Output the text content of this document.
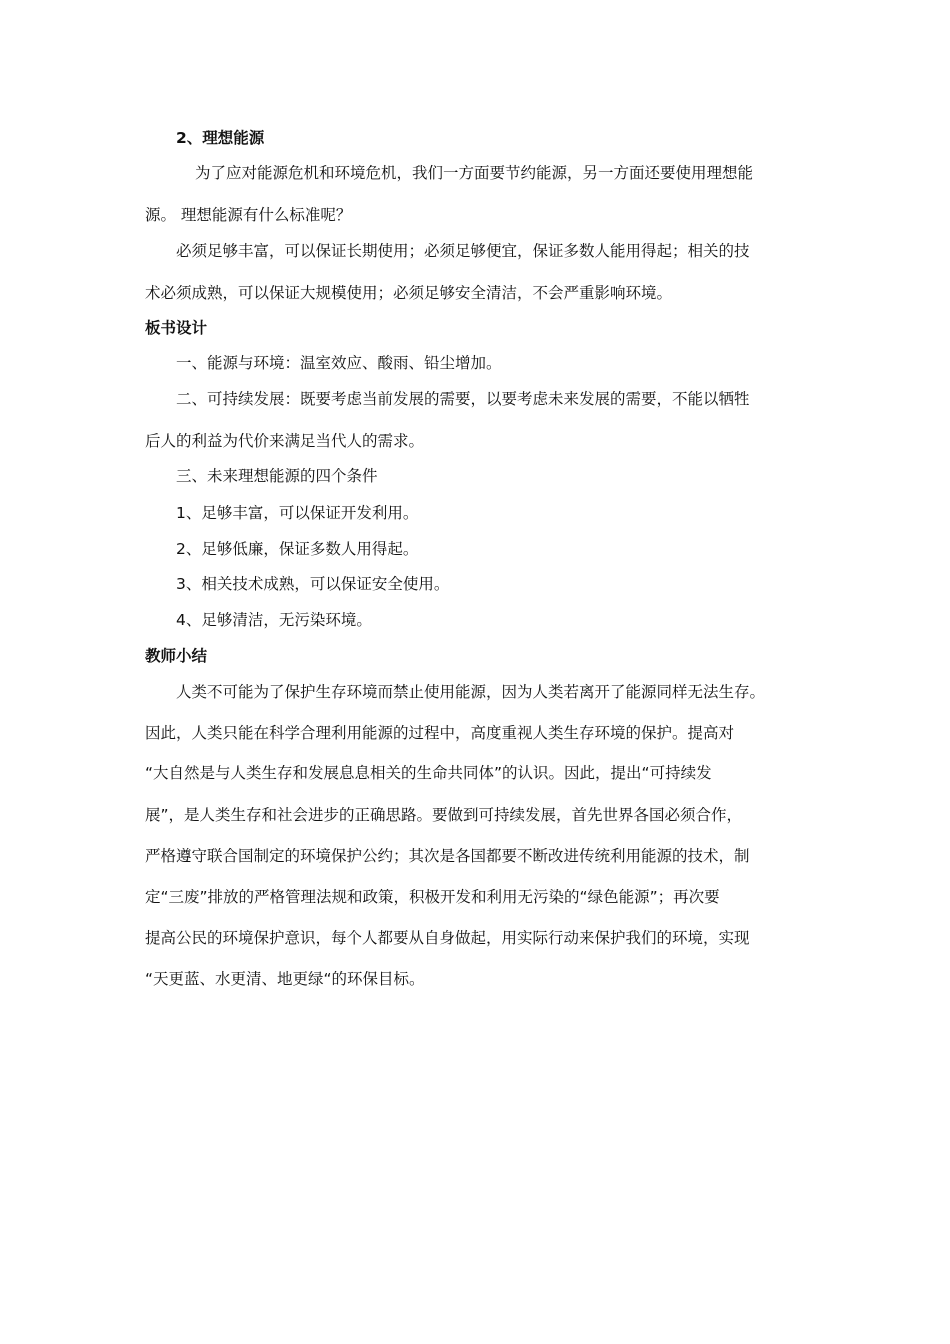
2、理想能源
为了应对能源危机和环境危机，我们一方面要节约能源，另一方面还要使用理想能
源。 理想能源有什么标准呢？
必须足够丰富，可以保证长期使用；必须足够便宜，保证多数人能用得起；相关的技
术必须成熟，可以保证大规模使用；必须足够安全清洁，不会严重影响环境。
板书设计
一、能源与环境：温室效应、酸雨、铅尘增加。
二、可持续发展：既要考虑当前发展的需要，以要考虑未来发展的需要，不能以牺牲
后人的利益为代价来满足当代人的需求。
三、未来理想能源的四个条件
1、足够丰富，可以保证开发利用。
2、足够低廉，保证多数人用得起。
3、相关技术成熟，可以保证安全使用。
4、足够清洁，无污染环境。
教师小结
人类不可能为了保护生存环境而禁止使用能源，因为人类若离开了能源同样无法生存。
因此，人类只能在科学合理利用能源的过程中，高度重视人类生存环境的保护。提高对
“大自然是与人类生存和发展息息相关的生命共同体”的认识。因此，提出“可持续发
展”，是人类生存和社会进步的正确思路。要做到可持续发展，首先世界各国必须合作，
严格遵守联合国制定的环境保护公约；其次是各国都要不断改进传统利用能源的技术，制
定“三废”排放的严格管理法规和政策，积极开发和利用无污染的“绿色能源”；再次要
提高公民的环境保护意识，每个人都要从自身做起，用实际行动来保护我们的环境，实现
“天更蓝、水更清、地更绿“的环保目标。
